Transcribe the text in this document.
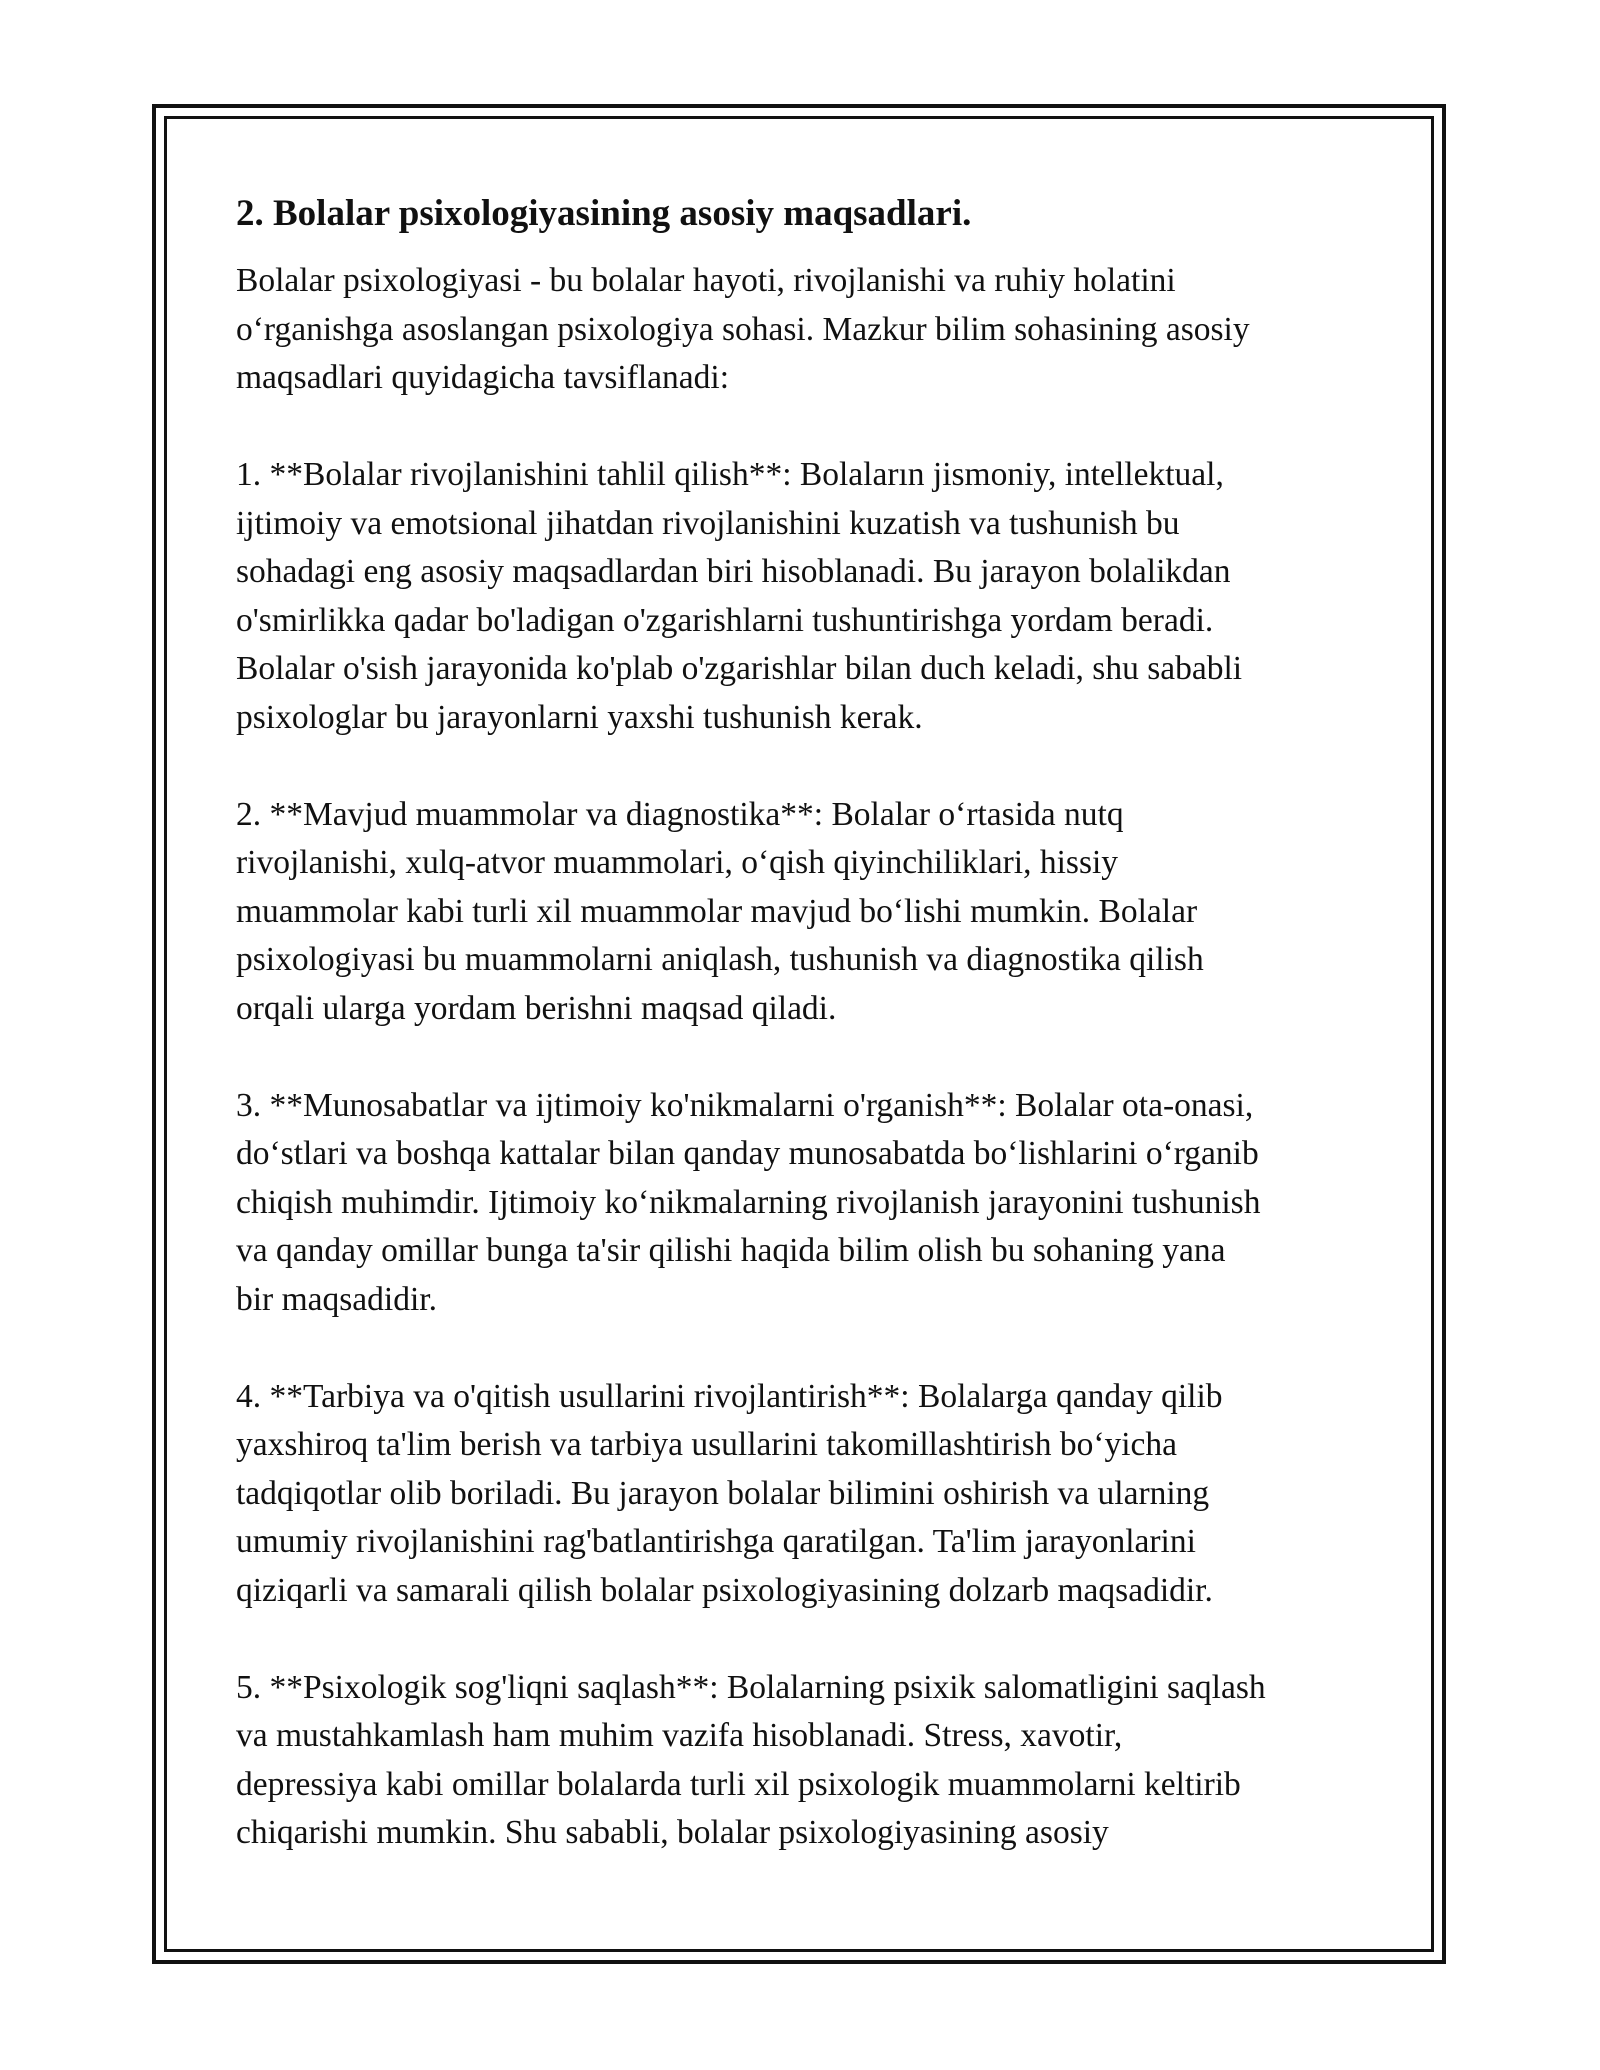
2. Bolalar psixologiyasining asosiy maqsadlari.
Bolalar psixologiyasi - bu bolalar hayoti, rivojlanishi va ruhiy holatini
o‘rganishga asoslangan psixologiya sohasi. Mazkur bilim sohasining asosiy
maqsadlari quyidagicha tavsiflanadi:
1. **Bolalar rivojlanishini tahlil qilish**: Bolaların jismoniy, intellektual,
ijtimoiy va emotsional jihatdan rivojlanishini kuzatish va tushunish bu
sohadagi eng asosiy maqsadlardan biri hisoblanadi. Bu jarayon bolalikdan
o'smirlikka qadar bo'ladigan o'zgarishlarni tushuntirishga yordam beradi.
Bolalar o'sish jarayonida ko'plab o'zgarishlar bilan duch keladi, shu sababli
psixologlar bu jarayonlarni yaxshi tushunish kerak.
2. **Mavjud muammolar va diagnostika**: Bolalar o‘rtasida nutq
rivojlanishi, xulq-atvor muammolari, o‘qish qiyinchiliklari, hissiy
muammolar kabi turli xil muammolar mavjud bo‘lishi mumkin. Bolalar
psixologiyasi bu muammolarni aniqlash, tushunish va diagnostika qilish
orqali ularga yordam berishni maqsad qiladi.
3. **Munosabatlar va ijtimoiy ko'nikmalarni o'rganish**: Bolalar ota-onasi,
do‘stlari va boshqa kattalar bilan qanday munosabatda bo‘lishlarini o‘rganib
chiqish muhimdir. Ijtimoiy ko‘nikmalarning rivojlanish jarayonini tushunish
va qanday omillar bunga ta'sir qilishi haqida bilim olish bu sohaning yana
bir maqsadidir.
4. **Tarbiya va o'qitish usullarini rivojlantirish**: Bolalarga qanday qilib
yaxshiroq ta'lim berish va tarbiya usullarini takomillashtirish bo‘yicha
tadqiqotlar olib boriladi. Bu jarayon bolalar bilimini oshirish va ularning
umumiy rivojlanishini rag'batlantirishga qaratilgan. Ta'lim jarayonlarini
qiziqarli va samarali qilish bolalar psixologiyasining dolzarb maqsadidir.
5. **Psixologik sog'liqni saqlash**: Bolalarning psixik salomatligini saqlash
va mustahkamlash ham muhim vazifa hisoblanadi. Stress, xavotir,
depressiya kabi omillar bolalarda turli xil psixologik muammolarni keltirib
chiqarishi mumkin. Shu sababli, bolalar psixologiyasining asosiy
